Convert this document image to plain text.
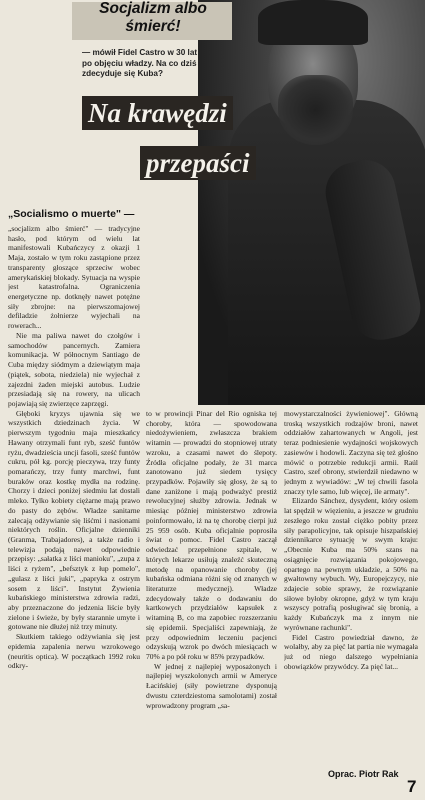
Socjalizm albo śmierć!
— mówił Fidel Castro w 30 lat po objęciu władzy. Na co dziś zdecyduje się Kuba?
Na krawędzi
przepaści
„Socialismo o muerte" —

„socjalizm albo śmierć" — tradycyjne hasło, pod którym od wielu lat manifestowali Kubańczycy z okazji 1 Maja, zostało w tym roku zastąpione przez transparenty głoszące sprzeciw wobec amerykańskiej blokady. Sytuacja na wyspie jest katastrofalna. Ograniczenia energetyczne np. dotknęły nawet potężne siły zbrojne: na pierwszomajowej defiladzie żołnierze wyjechali na rowerach...

Nie ma paliwa nawet do czołgów i samochodów pancernych. Zamiera komunikacja. W północnym Santiago de Cuba między siódmym a dziewiątym maja (piątek, sobota, niedziela) nie wyjechał z zajezdni żaden miejski autobus. Ludzie przesiadają się na rowery, na ulicach pojawiają się zwierzęce zaprzęgi.

Głęboki kryzys ujawnia się we wszystkich dziedzinach życia. W pierwszym tygodniu maja mieszkańcy Hawany otrzymali funt ryb, sześć funtów ryżu, dwadzieścia uncji fasoli, sześć funtów cukru, pół kg. porcję pieczywa, trzy funty pomarańczy, trzy funty marchwi, funt buraków oraz kostkę mydła na rodzinę. Chorzy i dzieci poniżej siedmiu lat dostali mleko. Tylko kobiety ciężarne mają prawo do pasty do zębów. Władze sanitarne zalecają odżywianie się liśćmi i nasionami niektórych roślin. Oficjalne dzienniki (Granma, Trabajadores), a także radio i telewizja podają nawet odpowiednie przepisy: „sałatka z liści manioku", „zupa z liści z ryżem", „befsztyk z łup pomelo", „gulasz z liści juki", „papryka z ostrym sosem z liści". Instytut Żywienia kubańskiego ministerstwa zdrowia radzi, aby przeznaczone do jedzenia liście były zielone i świeże, by były starannie umyte i gotowane nie dłużej niż trzy minuty.

Skutkiem takiego odżywiania się jest epidemia zapalenia nerwu wzrokowego (neuritis optica). W początkach 1992 roku odkry-

to w prowincji Pinar del Rio ogniska tej choroby, która — spowodowana niedożywieniem, zwłaszcza brakiem witamin — prowadzi do stopniowej utraty wzroku, a czasami nawet do ślepoty. Źródła oficjalne podały, że 31 marca zanotowano już siedem tysięcy przypadków. Pojawiły się głosy, że są to dane zaniżone i mają podważyć prestiż rewolucyjnej służby zdrowia. Jednak w miesiąc później ministerstwo zdrowia poinformowało, iż na tę chorobę cierpi już 25 959 osób. Kuba oficjalnie poprosiła świat o pomoc. Fidel Castro zaczął odwiedzać przepełnione szpitale, w których lekarze usiłują znaleźć skuteczną metodę na opanowanie choroby (jej kubańska odmiana różni się od znanych w literaturze medycznej). Władze zdecydowały także o dodawaniu do kartkowych przydziałów kapsułek z witaminą B, co ma zapobiec rozszerzaniu się epidemii. Specjaliści zapewniają, że przy odpowiednim leczeniu pacjenci odzyskują wzrok po dwóch miesiącach w 70% a po pół roku w 85% przypadków.

W jednej z najlepiej wyposażonych i najlepiej wyszkolonych armii w Ameryce Łacińskiej (siły powietrzne dysponują dwustu czterdziestoma samolotami) został wprowadzony program „sa-

mowystarczalności żywieniowej". Główną troską wszystkich rodzajów broni, nawet oddziałów zahartowanych w Angoli, jest teraz podniesienie wydajności wojskowych zasiewów i hodowli. Zaczyna się też głośno mówić o potrzebie redukcji armii. Raúl Castro, szef obrony, stwierdził niedawno w jednym z wywiadów: „W tej chwili fasola znaczy tyle samo, lub więcej, ile armaty".

Elizardo Sánchez, dysydent, który osiem lat spędził w więzieniu, a jeszcze w grudniu zeszłego roku został ciężko pobity przez siły parapolicyjne, tak opisuje hiszpańskiej dziennikarce sytuację w swym kraju: „Obecnie Kuba ma 50% szans na osiągnięcie rozwiązania pokojowego, opartego na pewnym układzie, a 50% na gwałtowny wybuch. Wy, Europejczycy, nie zdajecie sobie sprawy, że rozwiązanie siłowe byłoby okropne, gdyż w tym kraju wszyscy potrafią posługiwać się bronią, a każdy Kubańczyk ma z innym nie wyrównane rachunki".

Fidel Castro powiedział dawno, że wolałby, aby za pięć lat partia nie wymagała już od niego dalszego wypełniania obowiązków przywódcy. Za pięć lat...

Oprac. Piotr Rak
7
